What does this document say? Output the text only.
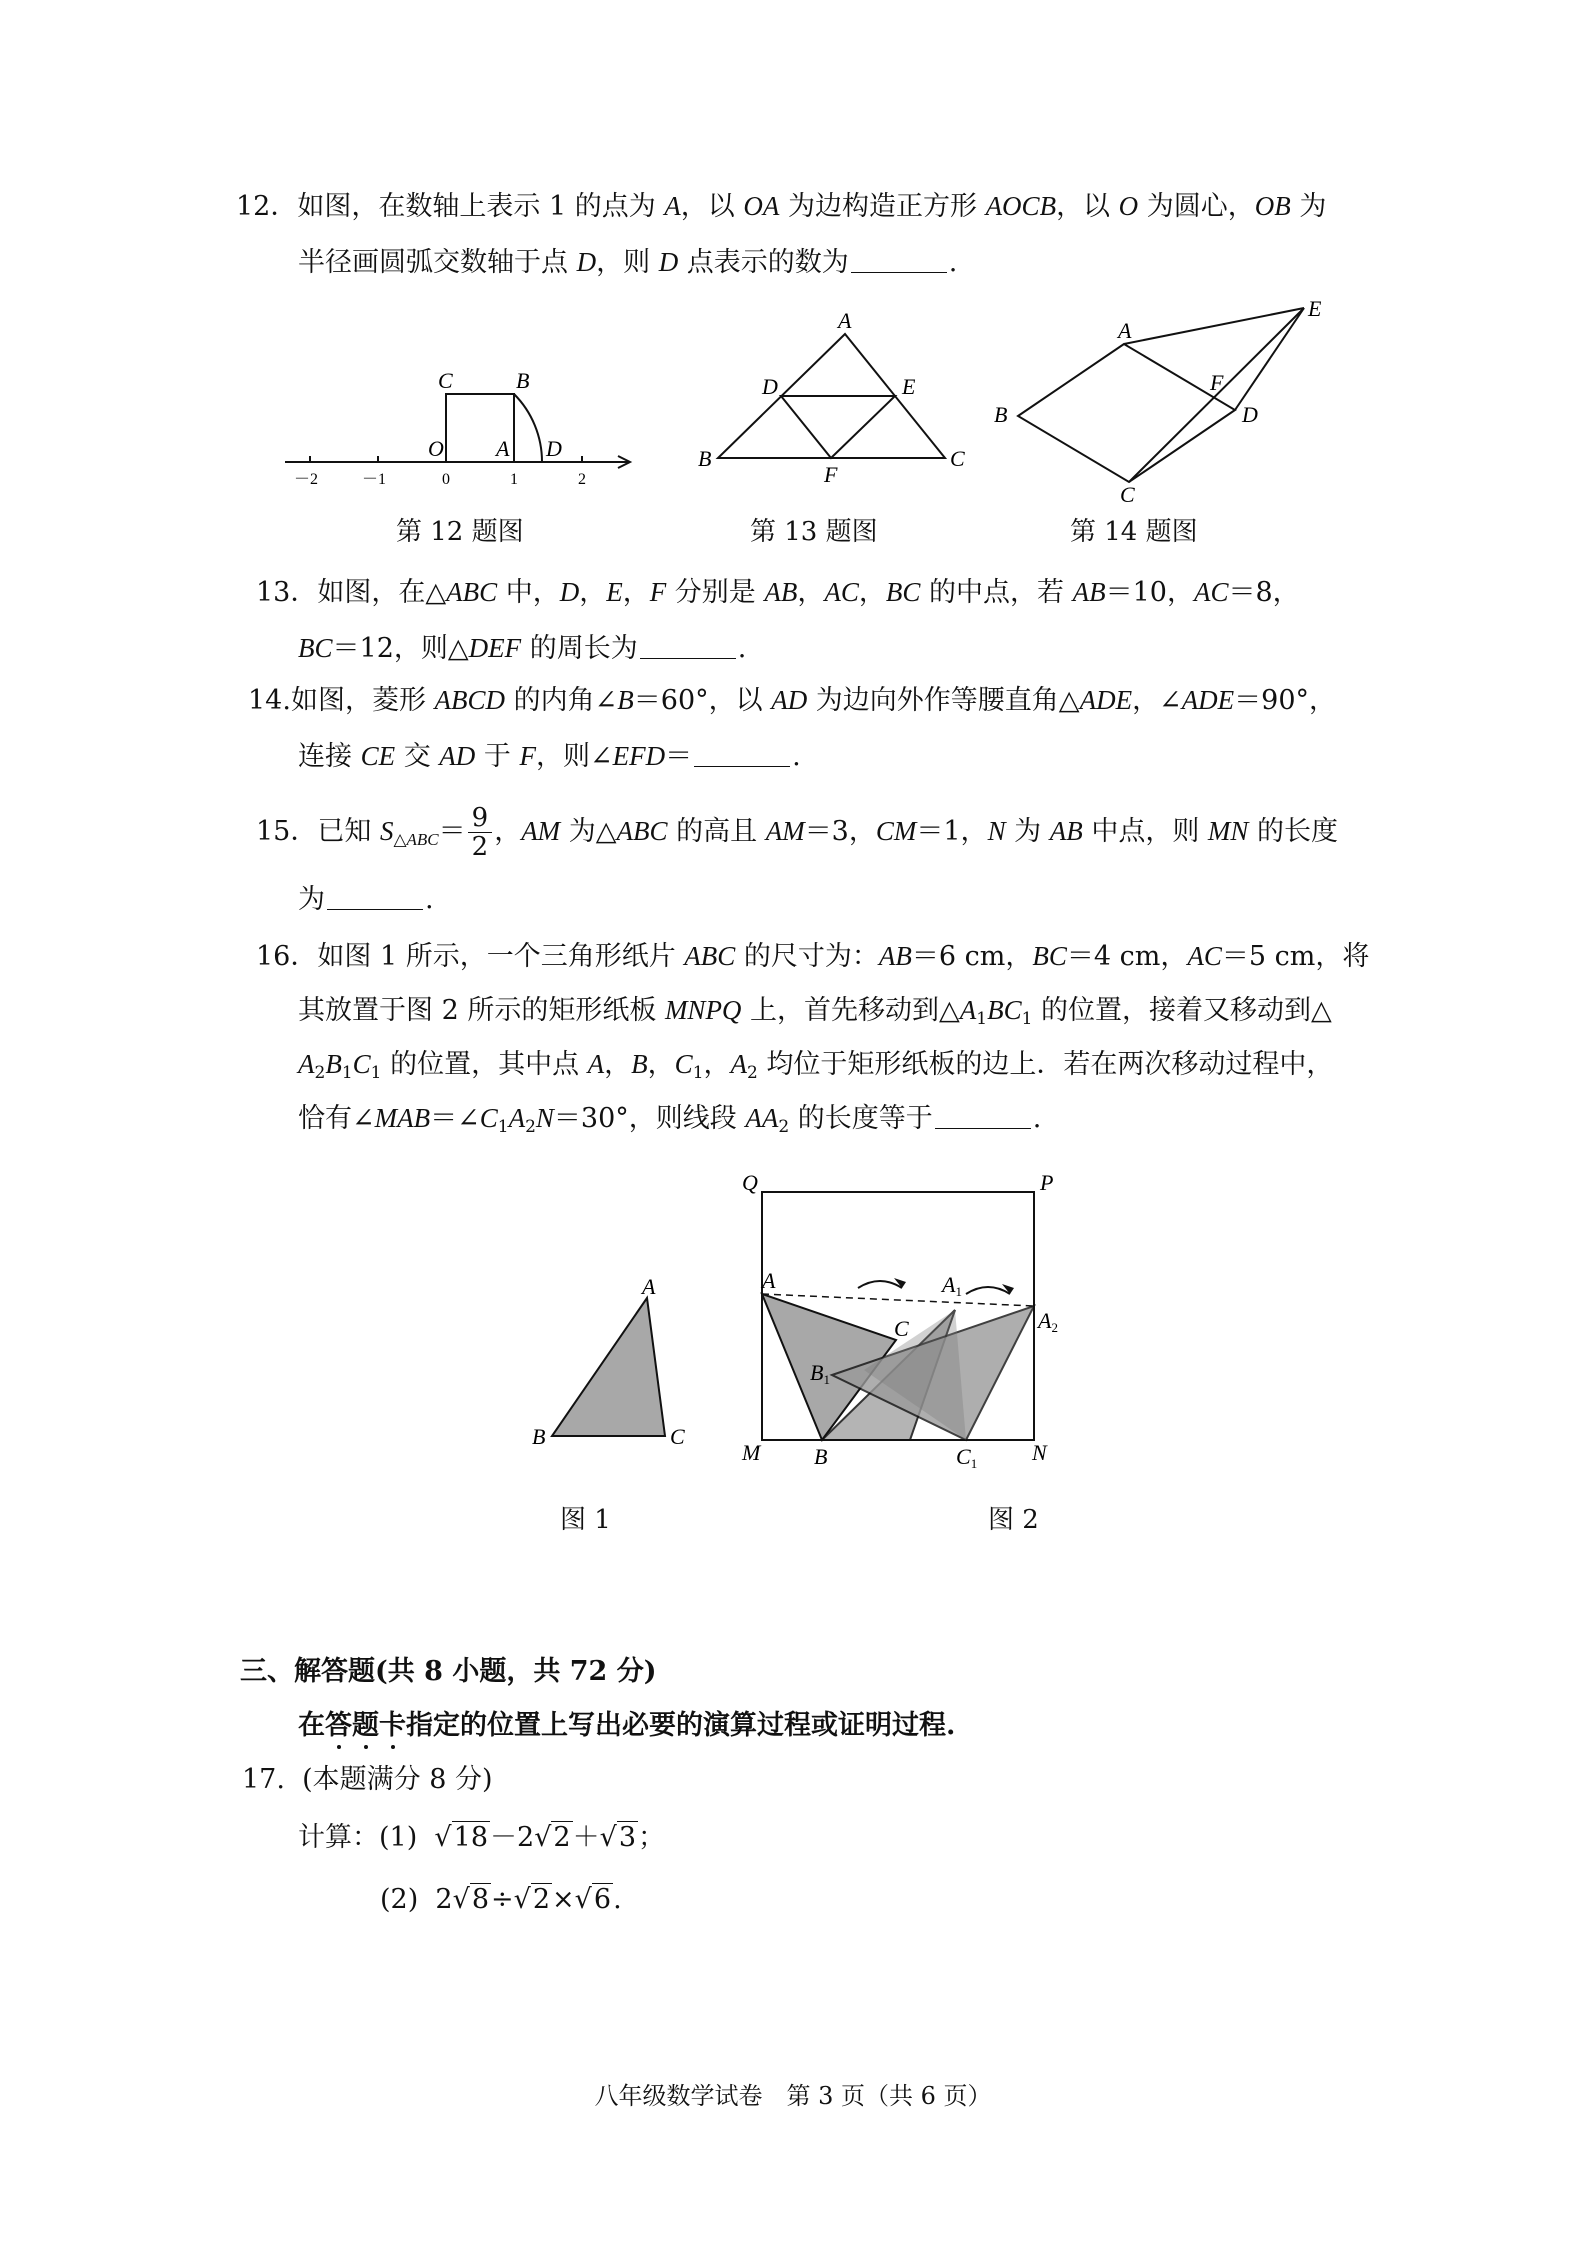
12．如图，在数轴上表示 1 的点为 A，以 OA 为边构造正方形 AOCB，以 O 为圆心，OB 为
半径画圆弧交数轴于点 D，则 D 点表示的数为	.
C	B
O A D
－2	－1	0	1	2
第 12 题图
A
D	E
B
F
C
第 13 题图
A
E
F
B	D
C
第 14 题图
13．如图，在△ABC 中，D，E，F 分别是 AB，AC，BC 的中点，若 AB＝10，AC＝8，
BC＝12，则△DEF 的周长为	.
14.如图，菱形 ABCD 的内角∠B＝60°，以 AD 为边向外作等腰直角△ADE，∠ADE＝90°，
连接 CE 交 AD 于 F，则∠EFD＝	.
15．已知 $S_{\triangle ABC}= \frac{9}{2}$ ，AM 为△ABC 的高且 AM＝3，CM＝1，N 为 AB 中点，则 MN 的长度
为	.
16．如图 1 所示，一个三角形纸片 ABC 的尺寸为：AB＝6 cm，BC＝4 cm，AC＝5 cm，将
其放置于图 2 所示的矩形纸板 MNPQ 上，首先移动到$\triangle A_1BC_1$ 的位置，接着又移动到△
$A_2B_1C_1$ 的位置，其中点 A，B，$C_1$，$A_2$ 均位于矩形纸板的边上．若在两次移动过程中，
恰有$\angle MAB=\angle C_1A_2N=30^\circ$，则线段 $AA_2$ 的长度等于	.
A
B	C
图 1
Q	P
A	A1
A2
C
B1
M B	C1 N
图 2
三、解答题(共 8 小题，共 72 分)
在答题卡指定的位置上写出必要的演算过程或证明过程.
17. (本题满分 8 分)
计算：(1) √18－2√2＋√3；
(2) 2√8÷√2×√6.
八年级数学试卷　第 3 页（共 6 页）
